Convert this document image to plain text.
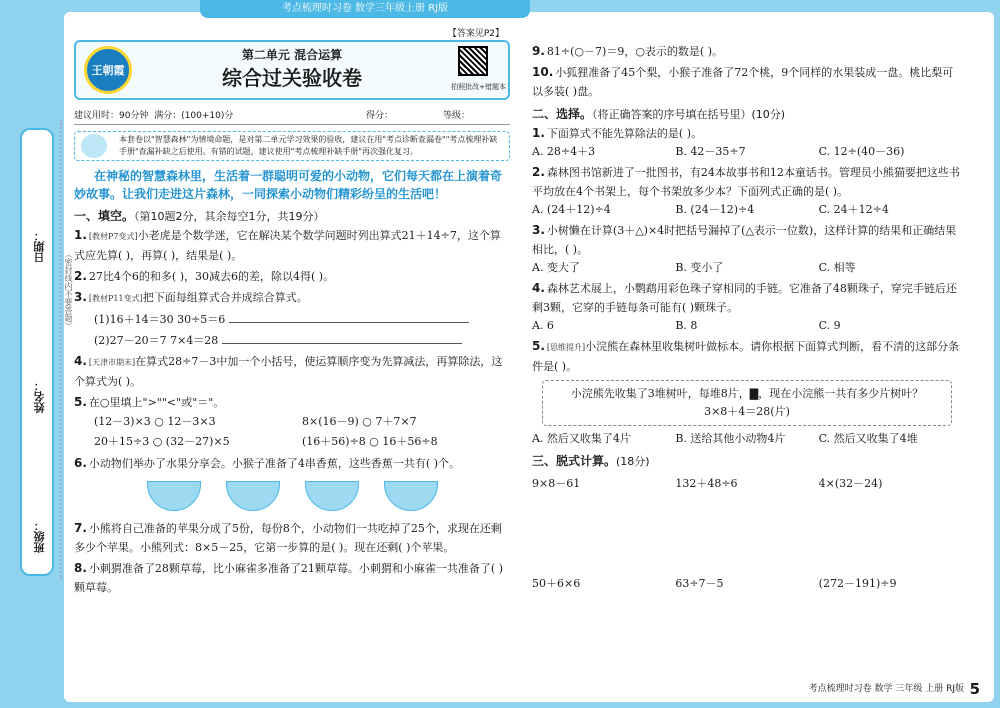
考点梳理时习卷 数学三年级上册 RJ版
日期：
姓名：
班级：
（密封线内不要答题）
【答案见P2】
王朝霞
第二单元 混合运算
综合过关验收卷	拍照批改+错题本
建议用时：90分钟
满分：(100+10)分	得分：	等级：
本套卷以"智慧森林"为情境命题，是对第二单元学习效果的验收，建议在用"考点诊断查漏卷""考点梳理补缺手册"查漏补缺之后使用。有错的试题，建议使用"考点梳理补缺手册"再次强化复习。
在神秘的智慧森林里，生活着一群聪明可爱的小动物，它们每天都在上演着奇妙故事。让我们走进这片森林，一同探索小动物们精彩纷呈的生活吧！
一、填空。（第10题2分，其余每空1分，共19分）
1. [教材P7变式]小老虎是个数学迷，它在解决某个数学问题时列出算式21＋14÷7，这个算式应先算( )，再算( )，结果是( )。
2. 27比4个6的和多( )，30减去6的差，除以4得( )。
3. [教材P11变式]把下面每组算式合并成综合算式。
(1)16＋14＝30 30÷5＝6
(2)27－20＝7 7×4＝28
4. [天津市期末]在算式28÷7－3中加一个小括号，使运算顺序变为先算减法，再算除法，这个算式为( )。
5. 在○里填上">""<"或"＝"。
(12－3)×3 ○ 12－3×3	8×(16－9) ○ 7＋7×7
20＋15÷3 ○ (32－27)×5	(16＋56)÷8 ○ 16＋56÷8
6. 小动物们举办了水果分享会。小猴子准备了4串香蕉，这些香蕉一共有( )个。
7. 小熊将自己准备的苹果分成了5份，每份8个，小动物们一共吃掉了25个，求现在还剩多少个苹果。小熊列式：8×5－25，它第一步算的是( )。现在还剩( )个苹果。
8. 小刺猬准备了28颗草莓，比小麻雀多准备了21颗草莓。小刺猬和小麻雀一共准备了( )颗草莓。
9. 81÷(○－7)＝9，○表示的数是( )。
10. 小狐狸准备了45个梨，小猴子准备了72个桃，9个同样的水果装成一盘。桃比梨可以多装( )盘。
二、选择。（将正确答案的序号填在括号里）(10分)
1. 下面算式不能先算除法的是( )。
A. 28÷4＋3	B. 42－35÷7	C. 12÷(40－36)
2. 森林图书馆新进了一批图书，有24本故事书和12本童话书。管理员小熊猫要把这些书平均放在4个书架上，每个书架放多少本？下面列式正确的是( )。
A. (24＋12)÷4	B. (24－12)÷4	C. 24＋12÷4
3. 小树懒在计算(3＋△)×4时把括号漏掉了(△表示一位数)，这样计算的结果和正确结果相比，( )。
A. 变大了	B. 变小了	C. 相等
4. 森林艺术展上，小鹦鹉用彩色珠子穿相同的手链。它准备了48颗珠子，穿完手链后还剩3颗，它穿的手链每条可能有( )颗珠子。
A. 6	B. 8	C. 9
5. [思维提升]小浣熊在森林里收集树叶做标本。请你根据下面算式判断，看不清的这部分条件是( )。
小浣熊先收集了3堆树叶，每堆8片，▇，现在小浣熊一共有多少片树叶？
3×8＋4＝28(片)
A. 然后又收集了4片	B. 送给其他小动物4片	C. 然后又收集了4堆
三、脱式计算。(18分)
9×8－61	132＋48÷6	4×(32－24)
50＋6×6	63÷7－5	(272－191)÷9
考点梳理时习卷 数学 三年级 上册 RJ版 5
